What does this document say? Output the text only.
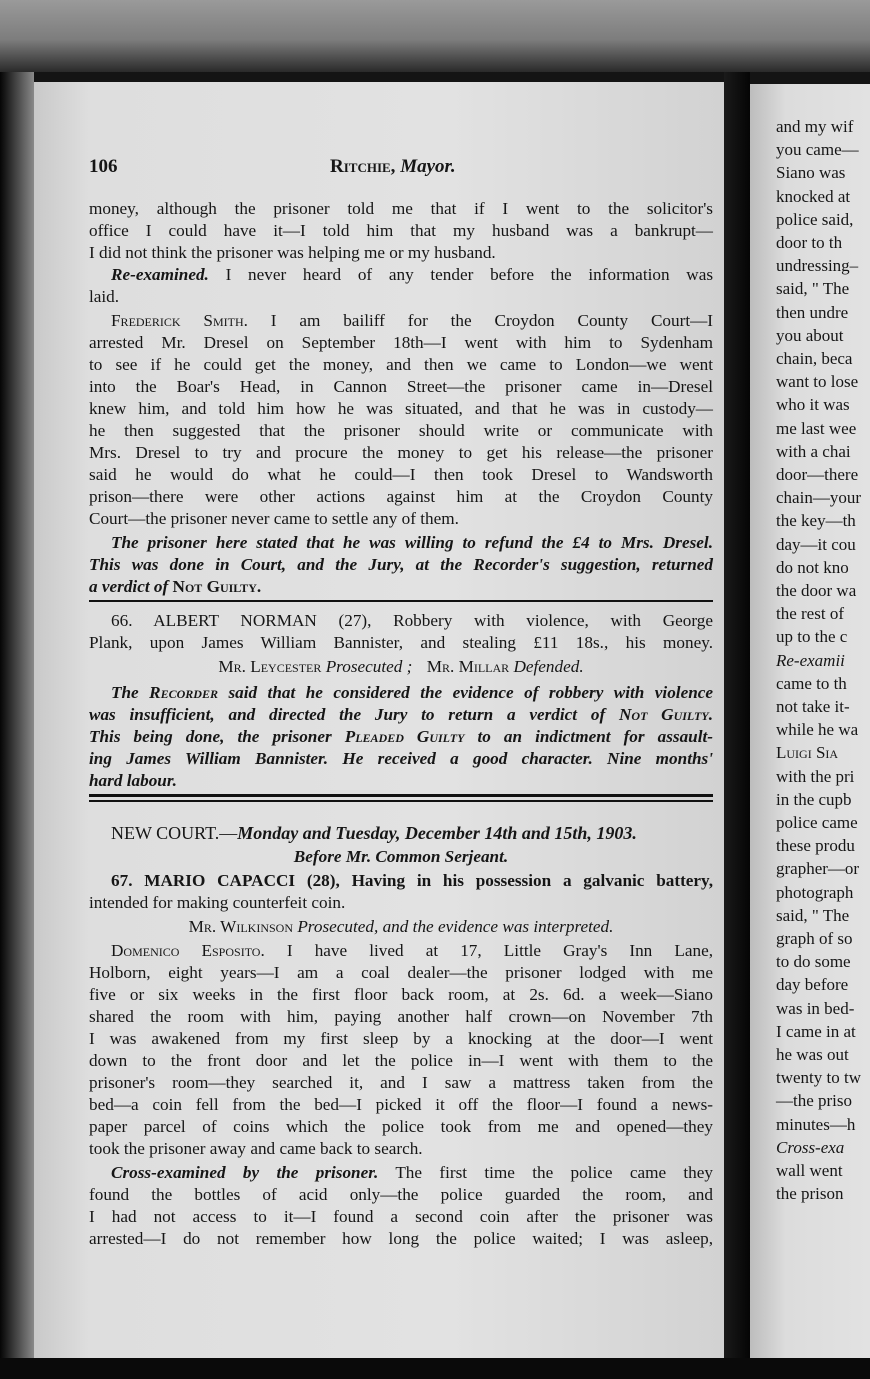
and my wif
you came—
Siano was
knocked at
police said,
door to th
undressing–
said, " The
then undre
you about
chain, beca
want to lose
who it was
me last wee
with a chai
door—there
chain—your
the key—th
day—it cou
do not kno
the door wa
the rest of
up to the c
Re-examii
came to th
not take it-
while he wa
Luigi Sia
with the pri
in the cupb
police came
these produ
grapher—or
photograph
said, " The
graph of so
to do some
day before
was in bed-
I came in at
he was out
twenty to tw
—the priso
minutes—h
Cross-exa
wall went
the prison
106	Ritchie, Mayor.
money, although the prisoner told me that if I went to the solicitor's
office I could have it—I told him that my husband was a bankrupt—
I did not think the prisoner was helping me or my husband.
Re-examined. I never heard of any tender before the information was
laid.
Frederick Smith. I am bailiff for the Croydon County Court—I
arrested Mr. Dresel on September 18th—I went with him to Sydenham
to see if he could get the money, and then we came to London—we went
into the Boar's Head, in Cannon Street—the prisoner came in—Dresel
knew him, and told him how he was situated, and that he was in custody—
he then suggested that the prisoner should write or communicate with
Mrs. Dresel to try and procure the money to get his release—the prisoner
said he would do what he could—I then took Dresel to Wandsworth
prison—there were other actions against him at the Croydon County
Court—the prisoner never came to settle any of them.
The prisoner here stated that he was willing to refund the £4 to Mrs. Dresel.
This was done in Court, and the Jury, at the Recorder's suggestion, returned
a verdict of Not Guilty.
66. ALBERT NORMAN (27), Robbery with violence, with George
Plank, upon James William Bannister, and stealing £11 18s., his money.
Mr. Leycester Prosecuted ; Mr. Millar Defended.
The Recorder said that he considered the evidence of robbery with violence
was insufficient, and directed the Jury to return a verdict of Not Guilty.
This being done, the prisoner Pleaded Guilty to an indictment for assault-
ing James William Bannister. He received a good character. Nine months'
hard labour.
NEW COURT.—Monday and Tuesday, December 14th and 15th, 1903.
Before Mr. Common Serjeant.
67. MARIO CAPACCI (28), Having in his possession a galvanic battery,
intended for making counterfeit coin.
Mr. Wilkinson Prosecuted, and the evidence was interpreted.
Domenico Esposito. I have lived at 17, Little Gray's Inn Lane,
Holborn, eight years—I am a coal dealer—the prisoner lodged with me
five or six weeks in the first floor back room, at 2s. 6d. a week—Siano
shared the room with him, paying another half crown—on November 7th
I was awakened from my first sleep by a knocking at the door—I went
down to the front door and let the police in—I went with them to the
prisoner's room—they searched it, and I saw a mattress taken from the
bed—a coin fell from the bed—I picked it off the floor—I found a news-
paper parcel of coins which the police took from me and opened—they
took the prisoner away and came back to search.
Cross-examined by the prisoner. The first time the police came they
found the bottles of acid only—the police guarded the room, and
I had not access to it—I found a second coin after the prisoner was
arrested—I do not remember how long the police waited; I was asleep,
